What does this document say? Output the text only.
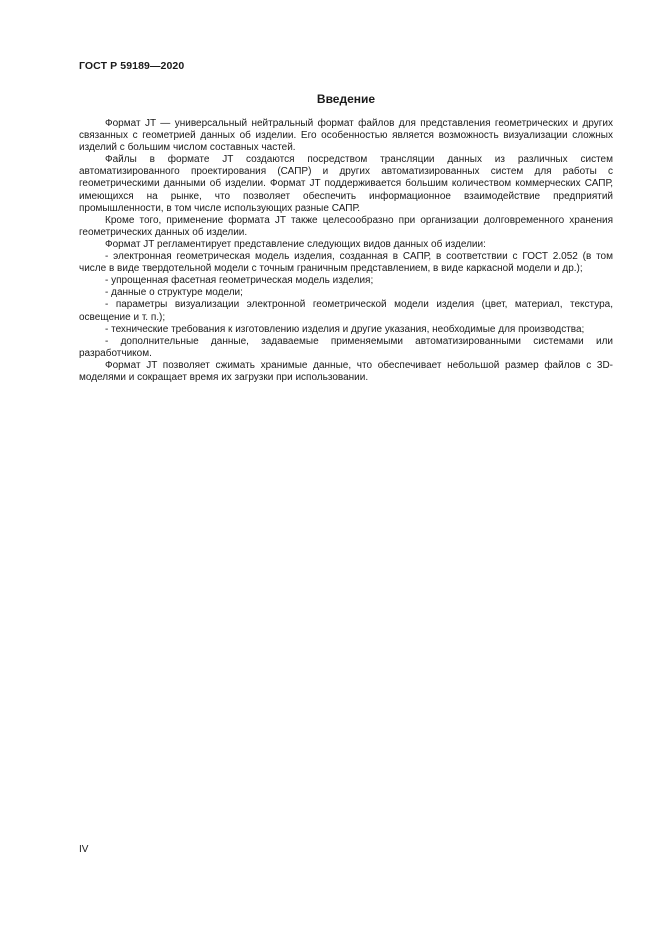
ГОСТ Р 59189—2020
Введение

Формат JT — универсальный нейтральный формат файлов для представления геометрических и других связанных с геометрией данных об изделии. Его особенностью является возможность визуализации сложных изделий с большим числом составных частей.

Файлы в формате JT создаются посредством трансляции данных из различных систем автоматизированного проектирования (САПР) и других автоматизированных систем для работы с геометрическими данными об изделии. Формат JT поддерживается большим количеством коммерческих САПР, имеющихся на рынке, что позволяет обеспечить информационное взаимодействие предприятий промышленности, в том числе использующих разные САПР.

Кроме того, применение формата JT также целесообразно при организации долговременного хранения геометрических данных об изделии.

Формат JT регламентирует представление следующих видов данных об изделии:

- электронная геометрическая модель изделия, созданная в САПР, в соответствии с ГОСТ 2.052 (в том числе в виде твердотельной модели с точным граничным представлением, в виде каркасной модели и др.);

- упрощенная фасетная геометрическая модель изделия;

- данные о структуре модели;

- параметры визуализации электронной геометрической модели изделия (цвет, материал, текстура, освещение и т. п.);

- технические требования к изготовлению изделия и другие указания, необходимые для производства;

- дополнительные данные, задаваемые применяемыми автоматизированными системами или разработчиком.

Формат JT позволяет сжимать хранимые данные, что обеспечивает небольшой размер файлов с 3D-моделями и сокращает время их загрузки при использовании.

IV
